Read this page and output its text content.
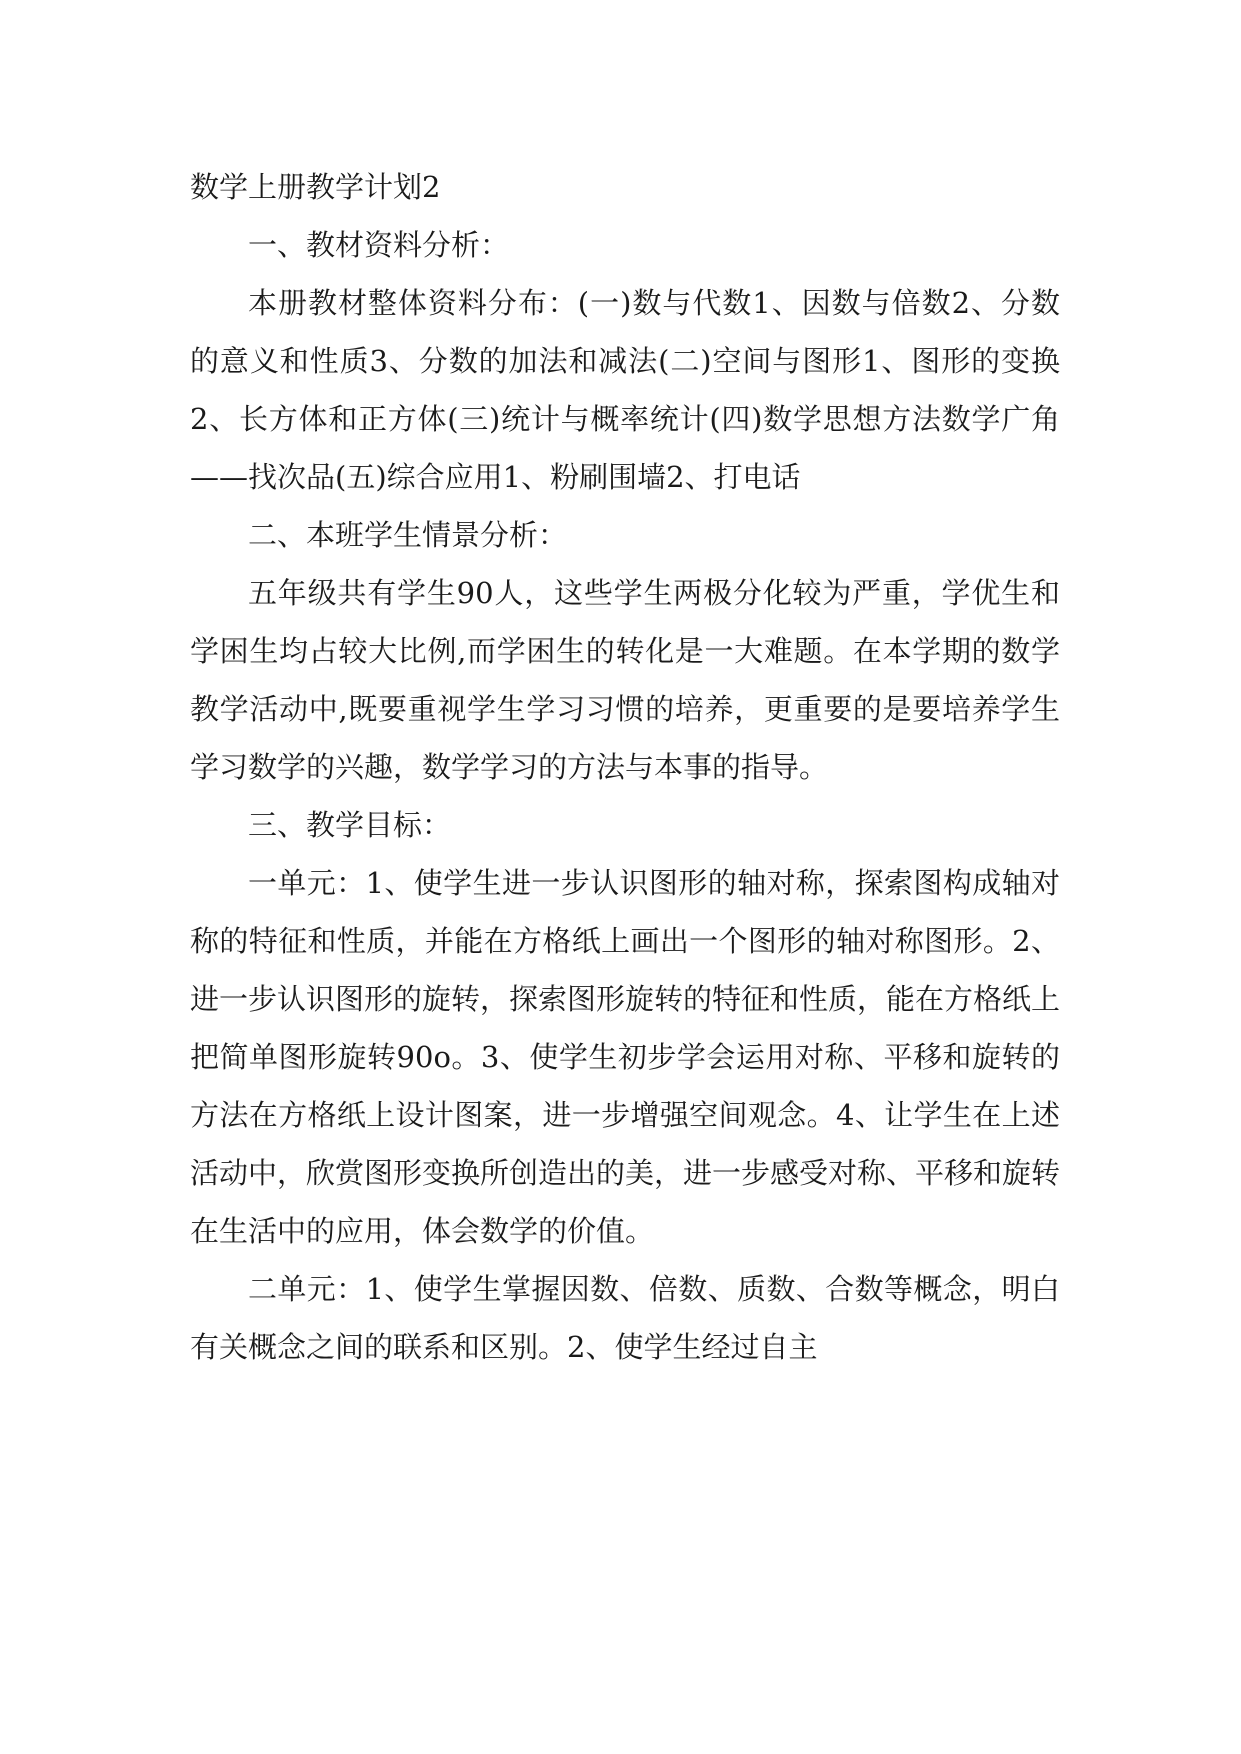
数学上册教学计划2

一、教材资料分析：

本册教材整体资料分布：(一)数与代数1、因数与倍数2、分数的意义和性质3、分数的加法和减法(二)空间与图形1、图形的变换2、长方体和正方体(三)统计与概率统计(四)数学思想方法数学广角——找次品(五)综合应用1、粉刷围墙2、打电话

二、本班学生情景分析：

五年级共有学生90人，这些学生两极分化较为严重，学优生和学困生均占较大比例,而学困生的转化是一大难题。在本学期的数学教学活动中,既要重视学生学习习惯的培养，更重要的是要培养学生学习数学的兴趣，数学学习的方法与本事的指导。

三、教学目标：

一单元：1、使学生进一步认识图形的轴对称，探索图构成轴对称的特征和性质，并能在方格纸上画出一个图形的轴对称图形。2、进一步认识图形的旋转，探索图形旋转的特征和性质，能在方格纸上把简单图形旋转90o。3、使学生初步学会运用对称、平移和旋转的方法在方格纸上设计图案，进一步增强空间观念。4、让学生在上述活动中，欣赏图形变换所创造出的美，进一步感受对称、平移和旋转在生活中的应用，体会数学的价值。

二单元：1、使学生掌握因数、倍数、质数、合数等概念，明白有关概念之间的联系和区别。2、使学生经过自主
